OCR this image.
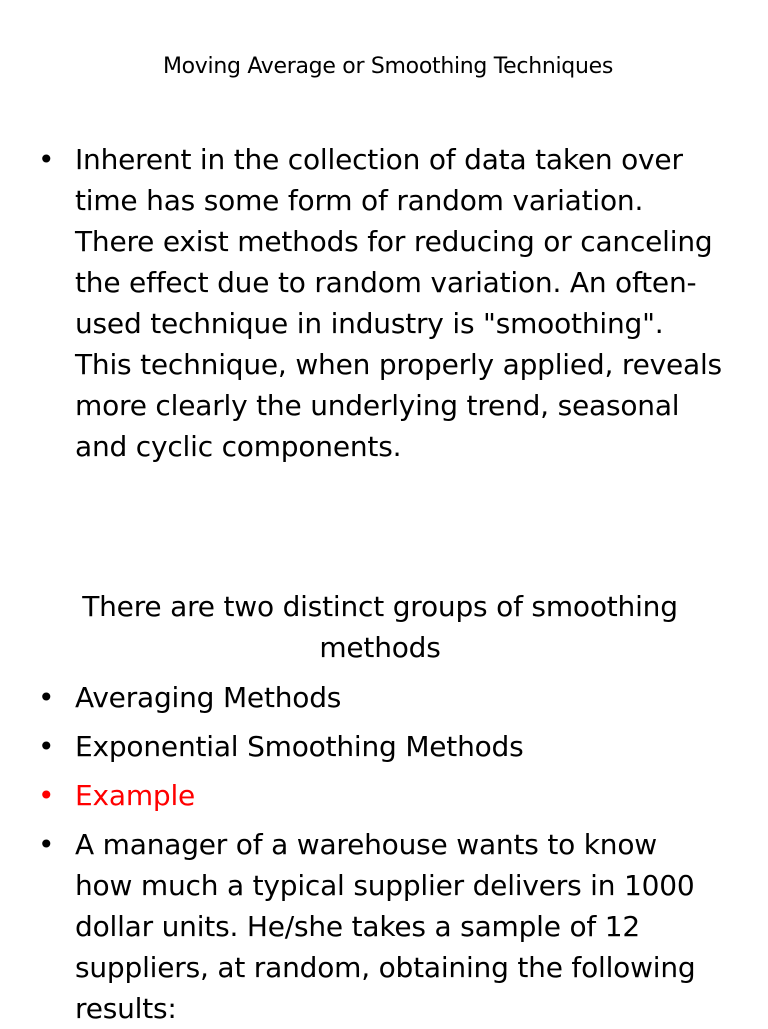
Moving Average or Smoothing Techniques
• Inherent in the collection of data taken over
time has some form of random variation.
There exist methods for reducing or canceling
the effect due to random variation. An often-
used technique in industry is "smoothing".
This technique, when properly applied, reveals
more clearly the underlying trend, seasonal
and cyclic components.
There are two distinct groups of smoothing
methods
• Averaging Methods
• Exponential Smoothing Methods
• Example
• A manager of a warehouse wants to know
how much a typical supplier delivers in 1000
dollar units. He/she takes a sample of 12
suppliers, at random, obtaining the following
results:
